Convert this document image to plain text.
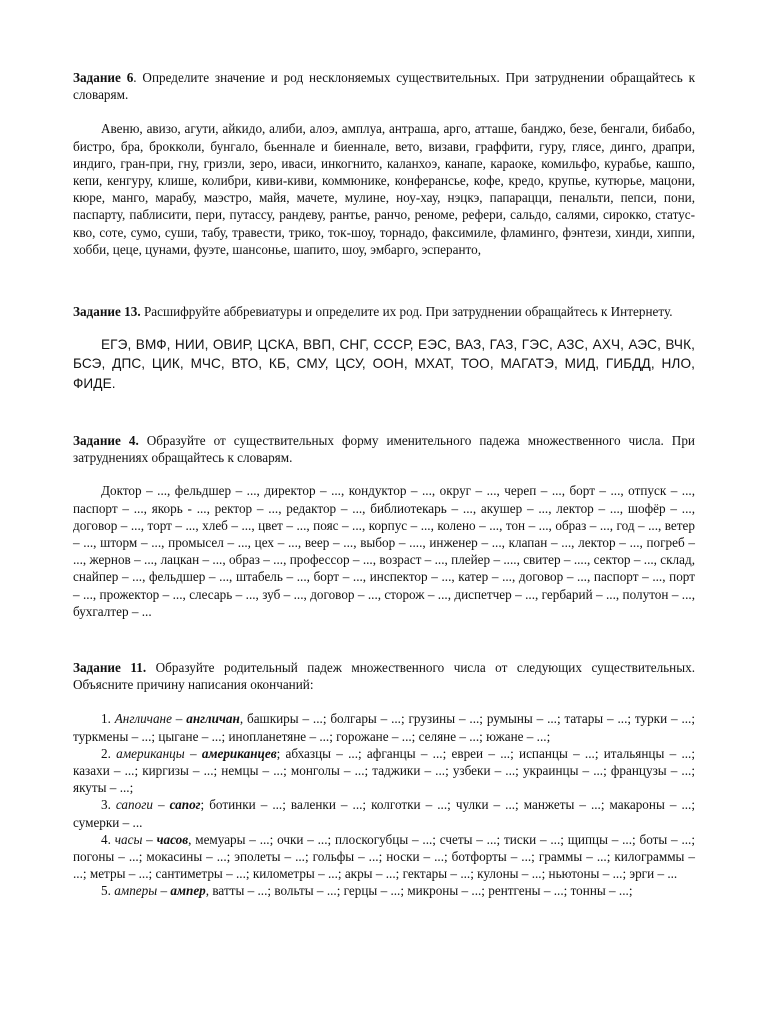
Задание 6. Определите значение и род несклоняемых существительных. При затруднении обращайтесь к словарям.

Авеню, авизо, агути, айкидо, алиби, алоэ, амплуа, антраша, арго, атташе, банджо, безе, бенгали, бибабо, бистро, бра, брокколи, бунгало, бьеннале и биеннале, вето, визави, граффити, гуру, глясе, динго, драпри, индиго, гран-при, гну, гризли, зеро, иваси, инкогнито, каланхоэ, канапе, караоке, комильфо, курабье, кашпо, кепи, кенгуру, клише, колибри, киви-киви, коммюнике, конферансье, кофе, кредо, крупье, кутюрье, мацони, кюре, манго, марабу, маэстро, майя, мачете, мулине, ноу-хау, нэцкэ, папарацци, пенальти, пепси, пони, паспарту, паблисити, пери, путассу, рандеву, рантье, ранчо, реноме, рефери, сальдо, салями, сирокко, статус-кво, соте, сумо, суши, табу, травести, трико, ток-шоу, торнадо, факсимиле, фламинго, фэнтези, хинди, хиппи, хобби, цеце, цунами, фуэте, шансонье, шапито, шоу, эмбарго, эсперанто,

Задание 13. Расшифруйте аббревиатуры и определите их род. При затруднении обращайтесь к Интернету.

ЕГЭ, ВМФ, НИИ, ОВИР, ЦСКА, ВВП, СНГ, СССР, ЕЭС, ВАЗ, ГАЗ, ГЭС, АЗС, АХЧ, АЭС, ВЧК, БСЭ, ДПС, ЦИК, МЧС, ВТО, КБ, СМУ, ЦСУ, ООН, МХАТ, ТОО, МАГАТЭ, МИД, ГИБДД, НЛО, ФИДЕ.

Задание 4. Образуйте от существительных форму именительного падежа множественного числа. При затруднениях обращайтесь к словарям.

Доктор – ..., фельдшер – ..., директор – ..., кондуктор – ..., округ – ..., череп – ..., борт – ..., отпуск – ..., паспорт – ..., якорь - ..., ректор – ..., редактор – ..., библиотекарь – ..., акушер – ..., лектор – ..., шофёр – ..., договор – ..., торт – ..., хлеб – ..., цвет – ..., пояс – ..., корпус – ..., колено – ..., тон – ..., образ – ..., год – ..., ветер – ..., шторм – ..., промысел – ..., цех – ..., веер – ..., выбор – ...., инженер – ..., клапан – ..., лектор – ..., погреб – ..., жернов – ..., лацкан – ..., образ – ..., профессор – ..., возраст – ..., плейер – ...., свитер – ...., сектор – ..., склад, снайпер – ..., фельдшер – ..., штабель – ..., борт – ..., инспектор – ..., катер – ..., договор – ..., паспорт – ..., порт – ..., прожектор – ..., слесарь – ..., зуб – ..., договор – ..., сторож – ..., диспетчер – ..., гербарий – ..., полутон – ..., бухгалтер – ...

Задание 11. Образуйте родительный падеж множественного числа от следующих существительных. Объясните причину написания окончаний:

1. Англичане – англичан, башкиры – ...; болгары – ...; грузины – ...; румыны – ...; татары – ...; турки – ...; туркмены – ...; цыгане – ...; инопланетяне – ...; горожане – ...; селяне – ...; южане – ...;

2. американцы – американцев; абхазцы – ...; афганцы – ...; евреи – ...; испанцы – ...; итальянцы – ...; казахи – ...; киргизы – ...; немцы – ...; монголы – ...; таджики – ...; узбеки – ...; украинцы – ...; французы – ...; якуты – ...;

3. сапоги – сапог; ботинки – ...; валенки – ...; колготки – ...; чулки – ...; манжеты – ...; макароны – ...; сумерки – ...

4. часы – часов, мемуары – ...; очки – ...; плоскогубцы – ...; счеты – ...; тиски – ...; щипцы – ...; боты – ...; погоны – ...; мокасины – ...; эполеты – ...; гольфы – ...; носки – ...; ботфорты – ...; граммы – ...; килограммы – ...; метры – ...; сантиметры – ...; километры – ...; акры – ...; гектары – ...; кулоны – ...; ньютоны – ...; эрги – ...

5. амперы – ампер, ватты – ...; вольты – ...; герцы – ...; микроны – ...; рентгены – ...; тонны – ...;
